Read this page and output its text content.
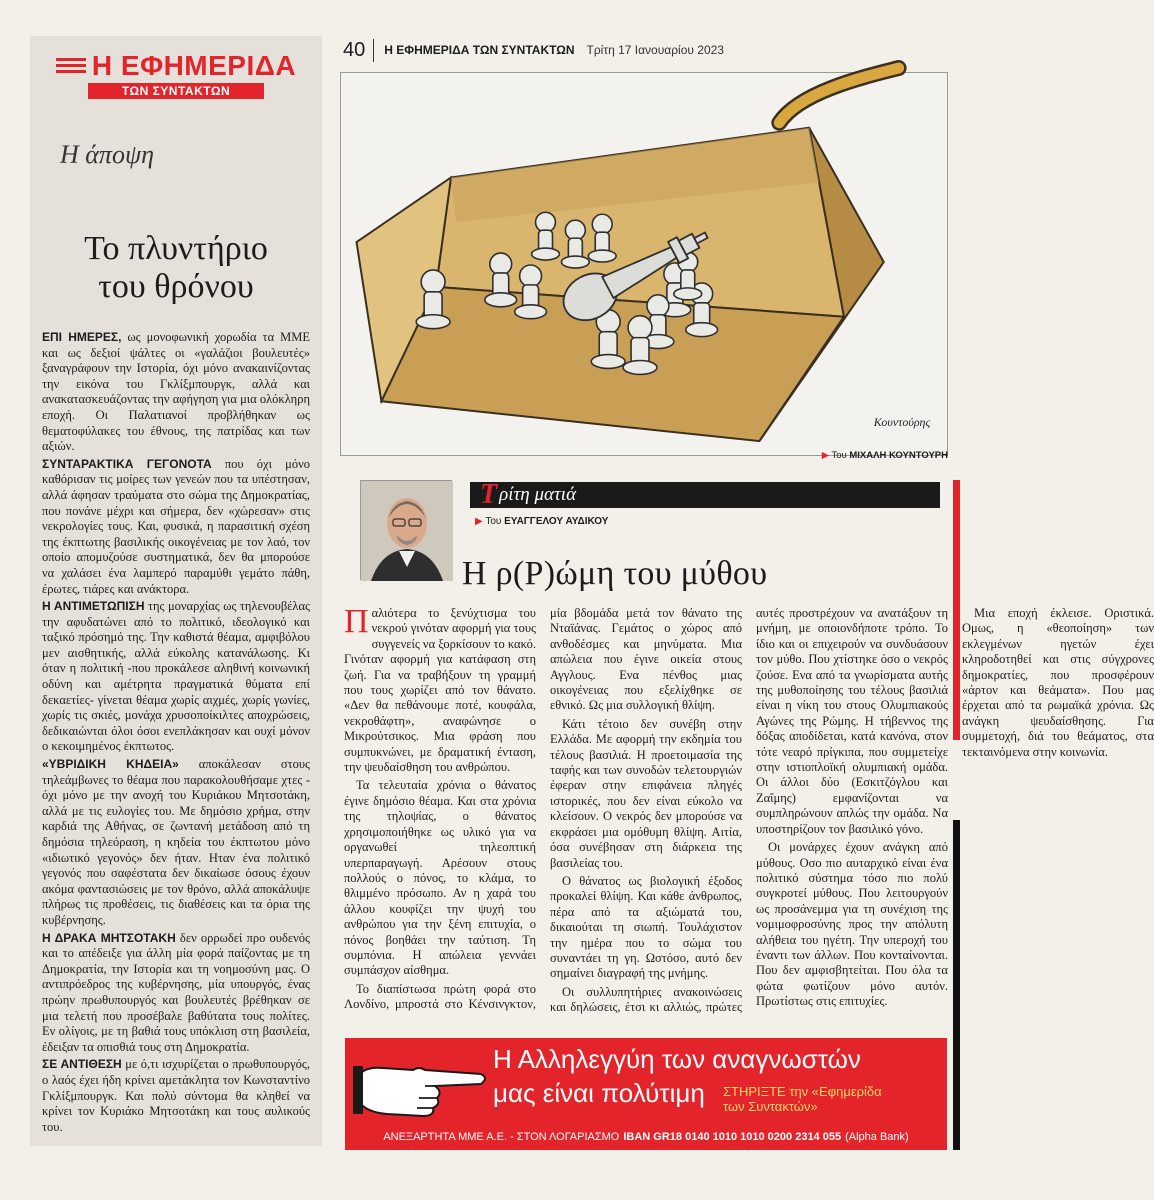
Η ΕΦΗΜΕΡΙΔΑ
ΤΩΝ ΣΥΝΤΑΚΤΩΝ
Η άποψη
Το πλυντήριο
του θρόνου

ΕΠΙ ΗΜΕΡΕΣ, ως μονοφωνική χορωδία τα ΜΜΕ και ως δεξιοί ψάλτες οι «γαλάζιοι βουλευτές» ξαναγράφουν την Ιστορία, όχι μόνο ανακαινίζοντας την εικόνα του Γκλίξμπουργκ, αλλά και ανακατασκευάζοντας την αφήγηση για μια ολόκληρη εποχή. Οι Παλατιανοί προβλήθηκαν ως θεματοφύλακες του έθνους, της πατρίδας και των αξιών.

ΣΥΝΤΑΡΑΚΤΙΚΑ ΓΕΓΟΝΟΤΑ που όχι μόνο καθόρισαν τις μοίρες των γενεών που τα υπέστησαν, αλλά άφησαν τραύματα στο σώμα της Δημοκρατίας, που πονάνε μέχρι και σήμερα, δεν «χώρεσαν» στις νεκρολογίες τους. Και, φυσικά, η παρασιτική σχέση της έκπτωτης βασιλικής οικογένειας με τον λαό, τον οποίο απομυζούσε συστηματικά, δεν θα μπορούσε να χαλάσει ένα λαμπερό παραμύθι γεμάτο πάθη, έρωτες, τιάρες και ανάκτορα.

Η ΑΝΤΙΜΕΤΩΠΙΣΗ της μοναρχίας ως τηλενουβέλας την αφυδατώνει από το πολιτικό, ιδεολογικό και ταξικό πρόσημό της. Την καθιστά θέαμα, αμφιβόλου μεν αισθητικής, αλλά εύκολης κατανάλωσης. Κι όταν η πολιτική -που προκάλεσε αληθινή κοινωνική οδύνη και αμέτρητα πραγματικά θύματα επί δεκαετίες- γίνεται θέαμα χωρίς αιχμές, χωρίς γωνίες, χωρίς τις σκιές, μονάχα χρυσοποίκιλτες αποχρώσεις, δεδικαιώνται όλοι όσοι ενεπλάκησαν και ουχί μόνον ο κεκοιμημένος έκπτωτος.

«ΥΒΡΙΔΙΚΗ ΚΗΔΕΙΑ» αποκάλεσαν στους τηλεάμβωνες το θέαμα που παρακολουθήσαμε χτες - όχι μόνο με την ανοχή του Κυριάκου Μητσοτάκη, αλλά με τις ευλογίες του. Με δημόσιο χρήμα, στην καρδιά της Αθήνας, σε ζωντανή μετάδοση από τη δημόσια τηλεόραση, η κηδεία του έκπτωτου μόνο «ιδιωτικό γεγονός» δεν ήταν. Ηταν ένα πολιτικό γεγονός που σαφέστατα δεν δικαίωσε όσους έχουν ακόμα φαντασιώσεις με τον θρόνο, αλλά αποκάλυψε πλήρως τις προθέσεις, τις διαθέσεις και τα όρια της κυβέρνησης.

Η ΔΡΑΚΑ ΜΗΤΣΟΤΑΚΗ δεν ορρωδεί προ ουδενός και το απέδειξε για άλλη μία φορά παίζοντας με τη Δημοκρατία, την Ιστορία και τη νοημοσύνη μας. Ο αντιπρόεδρος της κυβέρνησης, μία υπουργός, ένας πρώην πρωθυπουργός και βουλευτές βρέθηκαν σε μια τελετή που προσέβαλε βαθύτατα τους πολίτες. Εν ολίγοις, με τη βαθιά τους υπόκλιση στη βασιλεία, έδειξαν τα οπισθιά τους στη Δημοκρατία.

ΣΕ ΑΝΤΙΘΕΣΗ με ό,τι ισχυρίζεται ο πρωθυπουργός, ο λαός έχει ήδη κρίνει αμετάκλητα τον Κωνσταντίνο Γκλίξμπουργκ. Και πολύ σύντομα θα κληθεί να κρίνει τον Κυριάκο Μητσοτάκη και τους αυλικούς του.

40	Η ΕΦΗΜΕΡΙΔΑ ΤΩΝ ΣΥΝΤΑΚΤΩΝ Τρίτη 17 Ιανουαρίου 2023
Κουντούρης
▶ Του ΜΙΧΑΛΗ ΚΟΥΝΤΟΥΡΗ
Τ ρίτη ματιά
▶ Του ΕΥΑΓΓΕΛΟΥ ΑΥΔΙΚΟΥ
Η ρ(Ρ)ώμη του μύθου

Παλιότερα το ξενύχτισμα του νεκρού γινόταν αφορμή για τους συγγενείς να ξορκίσουν το κακό. Γινόταν αφορμή για κατάφαση στη ζωή. Για να τραβήξουν τη γραμμή που τους χωρίζει από τον θάνατο. «Δεν θα πεθάνουμε ποτέ, κουφάλα, νεκροθάφτη», αναφώνησε ο Μικρούτσικος. Μια φράση που συμπυκνώνει, με δραματική ένταση, την ψευδαίσθηση του ανθρώπου.

Τα τελευταία χρόνια ο θάνατος έγινε δημόσιο θέαμα. Και στα χρόνια της τηλοψίας, ο θάνατος χρησιμοποιήθηκε ως υλικό για να οργανωθεί τηλεοπτική υπερπαραγωγή. Αρέσουν στους πολλούς ο πόνος, το κλάμα, το θλιμμένο πρόσωπο. Αν η χαρά του άλλου κουφίζει την ψυχή του ανθρώπου για την ξένη επιτυχία, ο πόνος βοηθάει την ταύτιση. Τη συμπόνια. Η απώλεια γεννάει συμπάσχον αίσθημα.

Το διαπίστωσα πρώτη φορά στο Λονδίνο, μπροστά στο Κένσινγκτον, μία βδομάδα μετά τον θάνατο της Νταϊάνας. Γεμάτος ο χώρος από ανθοδέσμες και μηνύματα. Μια απώλεια που έγινε οικεία στους Αγγλους. Ενα πένθος μιας οικογένειας που εξελίχθηκε σε εθνικό. Ως μια συλλογική θλίψη.

Κάτι τέτοιο δεν συνέβη στην Ελλάδα. Με αφορμή την εκδημία του τέλους βασιλιά. Η προετοιμασία της ταφής και των συνοδών τελετουργιών έφεραν στην επιφάνεια πληγές ιστορικές, που δεν είναι εύκολο να κλείσουν. Ο νεκρός δεν μπορούσε να εκφράσει μια ομόθυμη θλίψη. Αιτία, όσα συνέβησαν στη διάρκεια της βασιλείας του.

Ο θάνατος ως βιολογική έξοδος προκαλεί θλίψη. Και κάθε άνθρωπος, πέρα από τα αξιώματά του, δικαιούται τη σιωπή. Τουλάχιστον την ημέρα που το σώμα του συναντάει τη γη. Ωστόσο, αυτό δεν σημαίνει διαγραφή της μνήμης.

Οι συλλυπητήριες ανακοινώσεις και δηλώσεις, έτσι κι αλλιώς, πρώτες αυτές προστρέχουν να ανατάξουν τη μνήμη, με οποιονδήποτε τρόπο. Το ίδιο και οι επιχειρούν να συνδυάσουν τον μύθο. Που χτίστηκε όσο ο νεκρός ζούσε. Ενα από τα γνωρίσματα αυτής της μυθοποίησης του τέλους βασιλιά είναι η νίκη του στους Ολυμπιακούς Αγώνες της Ρώμης. Η τήβεννος της δόξας αποδίδεται, κατά κανόνα, στον τότε νεαρό πρίγκιπα, που συμμετείχε στην ιστιοπλοϊκή ολυμπιακή ομάδα. Οι άλλοι δύο (Εσκιτζόγλου και Ζαΐμης) εμφανίζονται να συμπληρώνουν απλώς την ομάδα. Να υποστηρίζουν τον βασιλικό γόνο.

Οι μονάρχες έχουν ανάγκη από μύθους. Οσο πιο αυταρχικό είναι ένα πολιτικό σύστημα τόσο πιο πολύ συγκροτεί μύθους. Που λειτουργούν ως προσάνεμμα για τη συνέχιση της νομιμοφροσύνης προς την απόλυτη αλήθεια του ηγέτη. Την υπεροχή του έναντι των άλλων. Που κονταίνονται. Που δεν αμφισβητείται. Που όλα τα φώτα φωτίζουν μόνο αυτόν. Πρωτίστως στις επιτυχίες.

Μια εποχή έκλεισε. Οριστικά. Ομως, η «θεοποίηση» των εκλεγμένων ηγετών έχει κληροδοτηθεί και στις σύγχρονες δημοκρατίες, που προσφέρουν «άρτον και θεάματα». Που μας έρχεται από τα ρωμαϊκά χρόνια. Ως ανάγκη ψευδαίσθησης. Για συμμετοχή, διά του θεάματος, στα τεκταινόμενα στην κοινωνία.

Η Αλληλεγγύη των αναγνωστών
μας είναι πολύτιμη ΣΤΗΡΙΞΤΕ την «Εφημερίδα
των Συντακτών»
ΑΝΕΞΑΡΤΗΤΑ ΜΜΕ Α.Ε. - ΣΤΟΝ ΛΟΓΑΡΙΑΣΜΟ IBAN GR18 0140 1010 1010 0200 2314 055 (Alpha Bank)
